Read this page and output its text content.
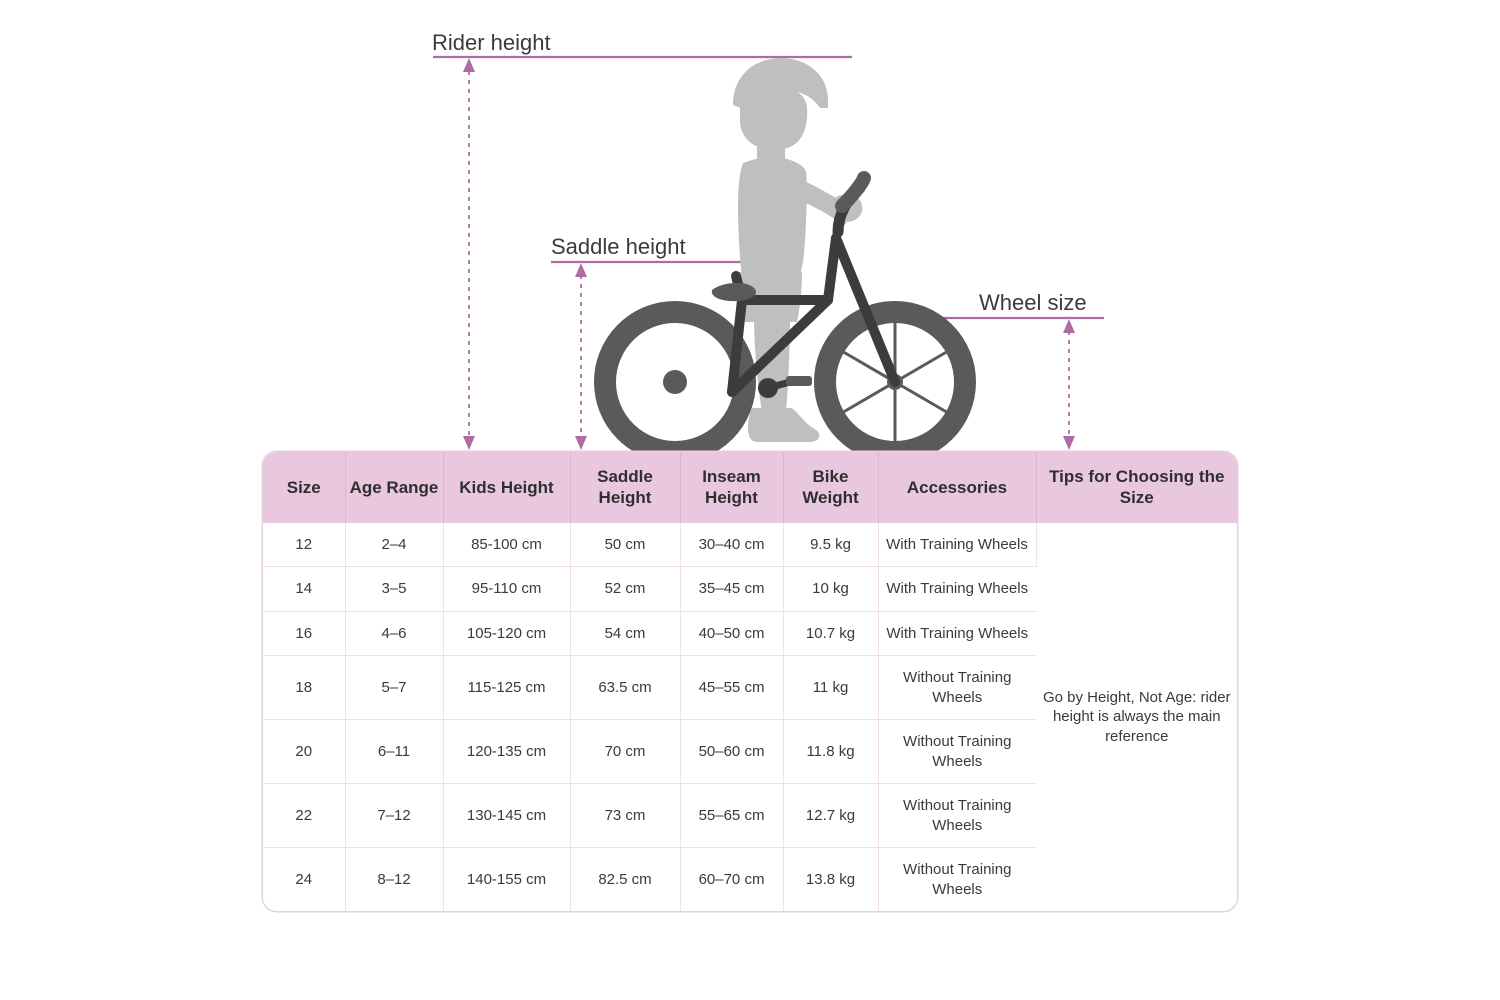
Rider height
Saddle height
Wheel size
Size	Age Range	Kids Height	Saddle Height	Inseam Height	Bike Weight	Accessories	Tips for Choosing the Size
12	2–4	85-100 cm	50 cm	30–40 cm	9.5 kg	With Training Wheels	Go by Height, Not Age: rider height is always the main reference
14	3–5	95-110 cm	52 cm	35–45 cm	10 kg	With Training Wheels	
16	4–6	105-120 cm	54 cm	40–50 cm	10.7 kg	With Training Wheels	
18	5–7	115-125 cm	63.5 cm	45–55 cm	11 kg	Without Training Wheels	
20	6–11	120-135 cm	70 cm	50–60 cm	11.8 kg	Without Training Wheels	
22	7–12	130-145 cm	73 cm	55–65 cm	12.7 kg	Without Training Wheels	
24	8–12	140-155 cm	82.5 cm	60–70 cm	13.8 kg	Without Training Wheels	
